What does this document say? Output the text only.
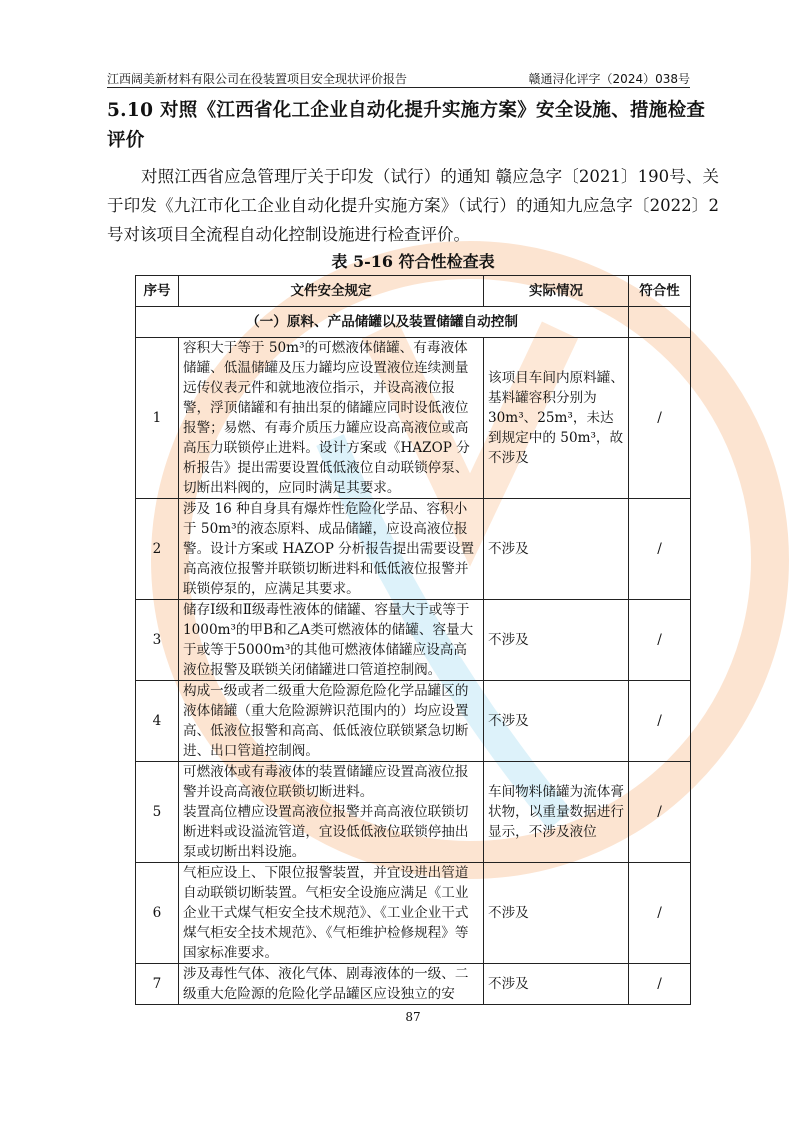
江西阔美新材料有限公司在役装置项目安全现状评价报告	赣通浔化评字（2024）038号
5.10 对照《江西省化工企业自动化提升实施方案》安全设施、措施检查评价
对照江西省应急管理厅关于印发（试行）的通知 赣应急字〔2021〕190号、关于印发《九江市化工企业自动化提升实施方案》（试行）的通知九应急字〔2022〕2 号对该项目全流程自动化控制设施进行检查评价。
表 5-16 符合性检查表
序号	文件安全规定	实际情况	符合性
（一）原料、产品储罐以及装置储罐自动控制			
1	容积大于等于 50m³的可燃液体储罐、有毒液体储罐、低温储罐及压力罐均应设置液位连续测量远传仪表元件和就地液位指示，并设高液位报警，浮顶储罐和有抽出泵的储罐应同时设低液位报警；易燃、有毒介质压力罐应设高高液位或高高压力联锁停止进料。设计方案或《HAZOP 分析报告》提出需要设置低低液位自动联锁停泵、切断出料阀的，应同时满足其要求。	该项目车间内原料罐、基料罐容积分别为30m³、25m³，未达到规定中的 50m³，故不涉及	/
2	涉及 16 种自身具有爆炸性危险化学品、容积小于 50m³的液态原料、成品储罐，应设高液位报警。设计方案或 HAZOP 分析报告提出需要设置高高液位报警并联锁切断进料和低低液位报警并联锁停泵的，应满足其要求。	不涉及	/
3	储存Ⅰ级和Ⅱ级毒性液体的储罐、容量大于或等于1000m³的甲B和乙A类可燃液体的储罐、容量大于或等于5000m³的其他可燃液体储罐应设高高液位报警及联锁关闭储罐进口管道控制阀。	不涉及	/
4	构成一级或者二级重大危险源危险化学品罐区的液体储罐（重大危险源辨识范围内的）均应设置高、低液位报警和高高、低低液位联锁紧急切断进、出口管道控制阀。	不涉及	/
5	可燃液体或有毒液体的装置储罐应设置高液位报警并设高高液位联锁切断进料。
装置高位槽应设置高液位报警并高高液位联锁切断进料或设溢流管道，宜设低低液位联锁停抽出泵或切断出料设施。	车间物料储罐为流体膏状物，以重量数据进行显示，不涉及液位	/
6	气柜应设上、下限位报警装置，并宜设进出管道自动联锁切断装置。气柜安全设施应满足《工业企业干式煤气柜安全技术规范》、《工业企业干式煤气柜安全技术规范》、《气柜维护检修规程》等国家标准要求。	不涉及	/
7	涉及毒性气体、液化气体、剧毒液体的一级、二级重大危险源的危险化学品罐区应设独立的安	不涉及	/
87
